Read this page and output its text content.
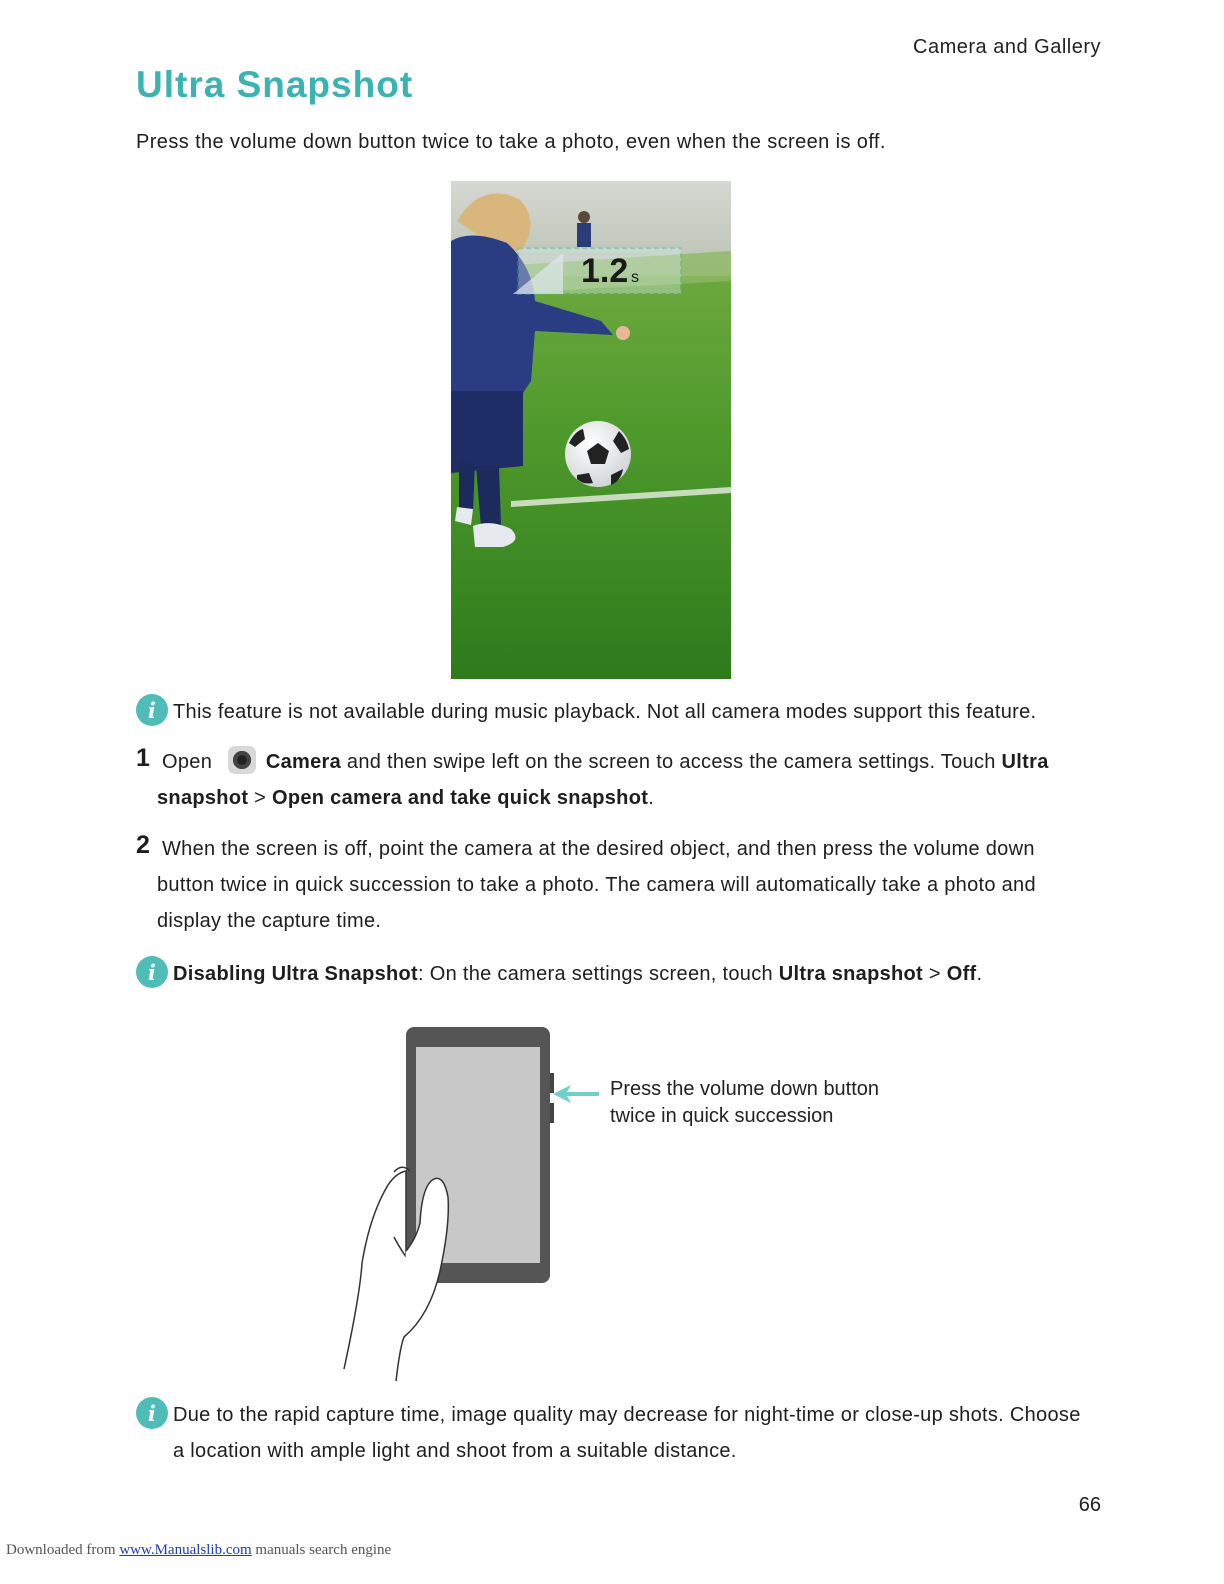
Camera and Gallery
Ultra Snapshot
Press the volume down button twice to take a photo, even when the screen is off.
1.2 s
i This feature is not available during music playback. Not all camera modes support this feature.
1 Open	Camera and then swipe left on the screen to access the camera settings. Touch Ultra snapshot > Open camera and take quick snapshot.
2 When the screen is off, point the camera at the desired object, and then press the volume down button twice in quick succession to take a photo. The camera will automatically take a photo and display the capture time.
i Disabling Ultra Snapshot: On the camera settings screen, touch Ultra snapshot > Off.
Press the volume down button
twice in quick succession
i Due to the rapid capture time, image quality may decrease for night-time or close-up shots. Choose a location with ample light and shoot from a suitable distance.
66
Downloaded from www.Manualslib.com manuals search engine
